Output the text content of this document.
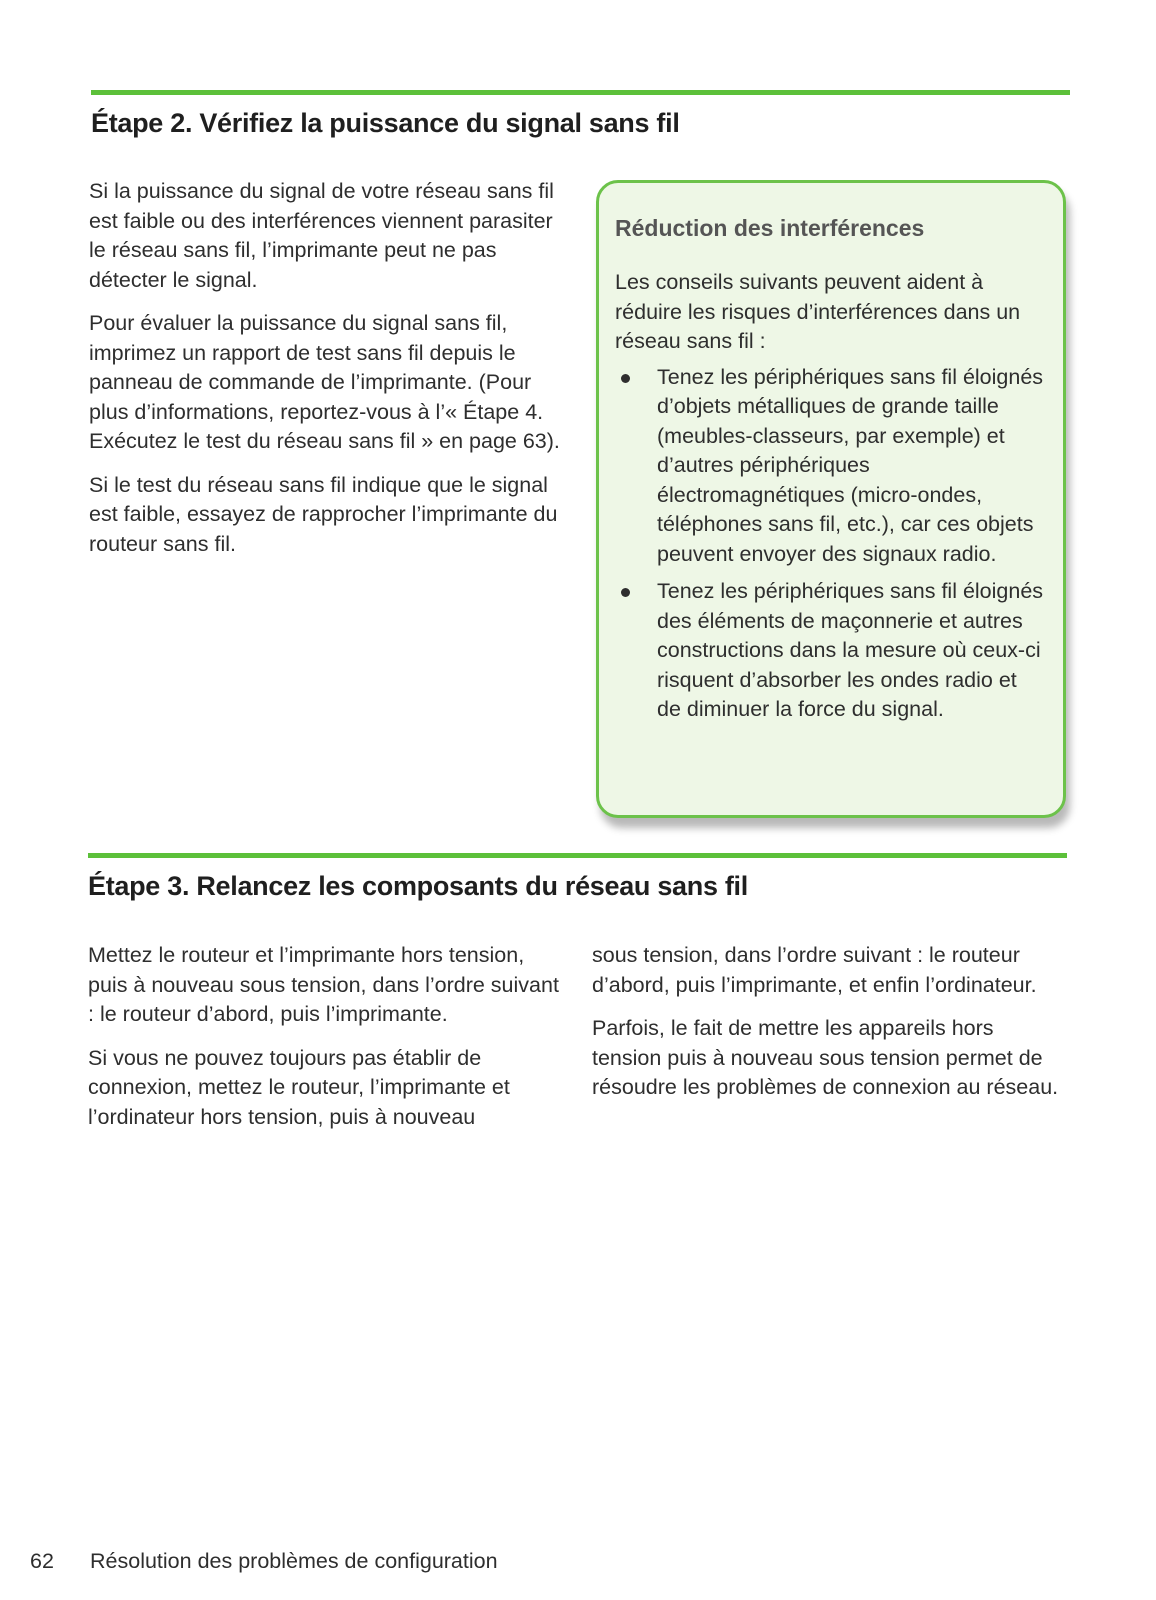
Étape 2. Vérifiez la puissance du signal sans fil

Si la puissance du signal de votre réseau sans fil est faible ou des interférences viennent parasiter le réseau sans fil, l’imprimante peut ne pas détecter le signal.

Pour évaluer la puissance du signal sans fil, imprimez un rapport de test sans fil depuis le panneau de commande de l’imprimante. (Pour plus d’informations, reportez-vous à l’« Étape 4. Exécutez le test du réseau sans fil » en page 63).

Si le test du réseau sans fil indique que le signal est faible, essayez de rapprocher l’imprimante du routeur sans fil.

Réduction des interférences

Les conseils suivants peuvent aident à réduire les risques d’interférences dans un réseau sans fil :

Tenez les périphériques sans fil éloignés d’objets métalliques de grande taille (meubles-classeurs, par exemple) et d’autres périphériques électromagnétiques (micro-ondes, téléphones sans fil, etc.), car ces objets peuvent envoyer des signaux radio.
Tenez les périphériques sans fil éloignés des éléments de maçonnerie et autres constructions dans la mesure où ceux-ci risquent d’absorber les ondes radio et de diminuer la force du signal.
Étape 3. Relancez les composants du réseau sans fil

Mettez le routeur et l’imprimante hors tension, puis à nouveau sous tension, dans l’ordre suivant : le routeur d’abord, puis l’imprimante.

Si vous ne pouvez toujours pas établir de connexion, mettez le routeur, l’imprimante et l’ordinateur hors tension, puis à nouveau

sous tension, dans l’ordre suivant : le routeur d’abord, puis l’imprimante, et enfin l’ordinateur.

Parfois, le fait de mettre les appareils hors tension puis à nouveau sous tension permet de résoudre les problèmes de connexion au réseau.

62 Résolution des problèmes de configuration
